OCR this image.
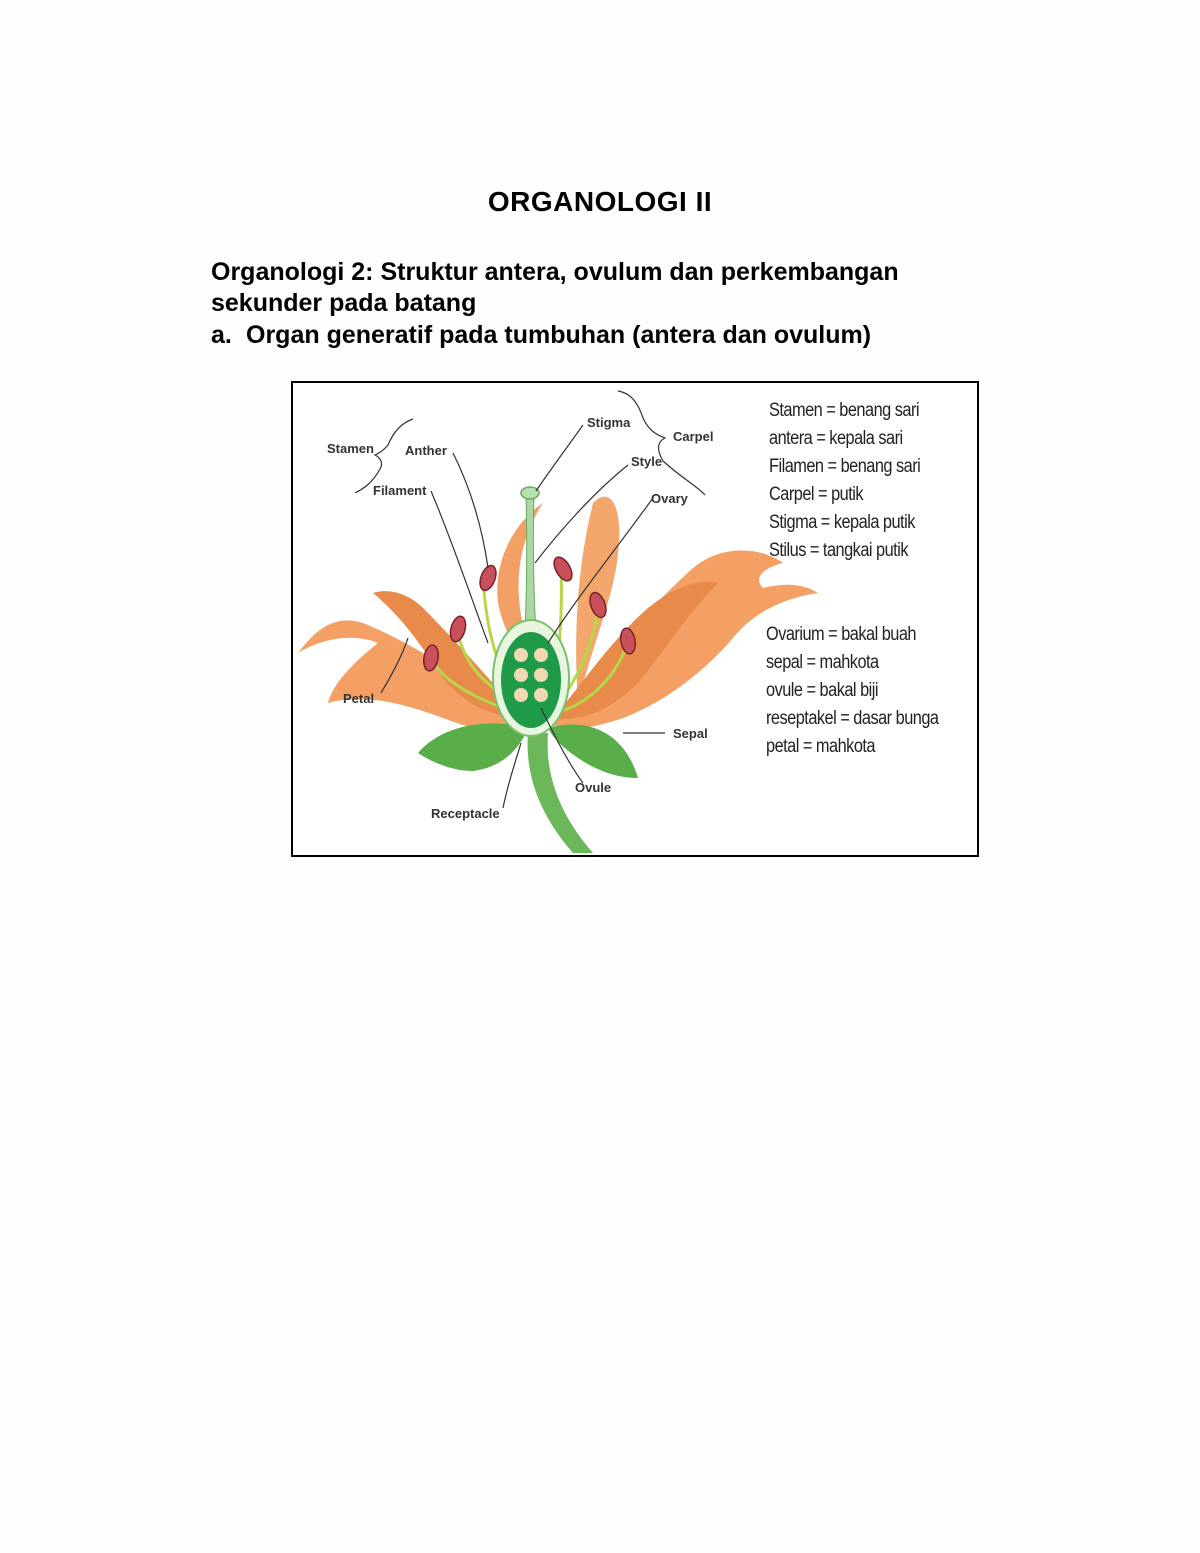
ORGANOLOGI II
Organologi 2: Struktur antera, ovulum dan perkembangan sekunder pada batang
a. Organ generatif pada tumbuhan (antera dan ovulum)
Stamen Anther
Filament
Stigma
Carpel
Style
Ovary
Petal
Sepal
Ovule
Receptacle
Stamen = benang sari
antera = kepala sari
Filamen = benang sari
Carpel = putik
Stigma = kepala putik
Stilus = tangkai putik
Ovarium = bakal buah
sepal = mahkota
ovule = bakal biji
reseptakel = dasar bunga
petal = mahkota
